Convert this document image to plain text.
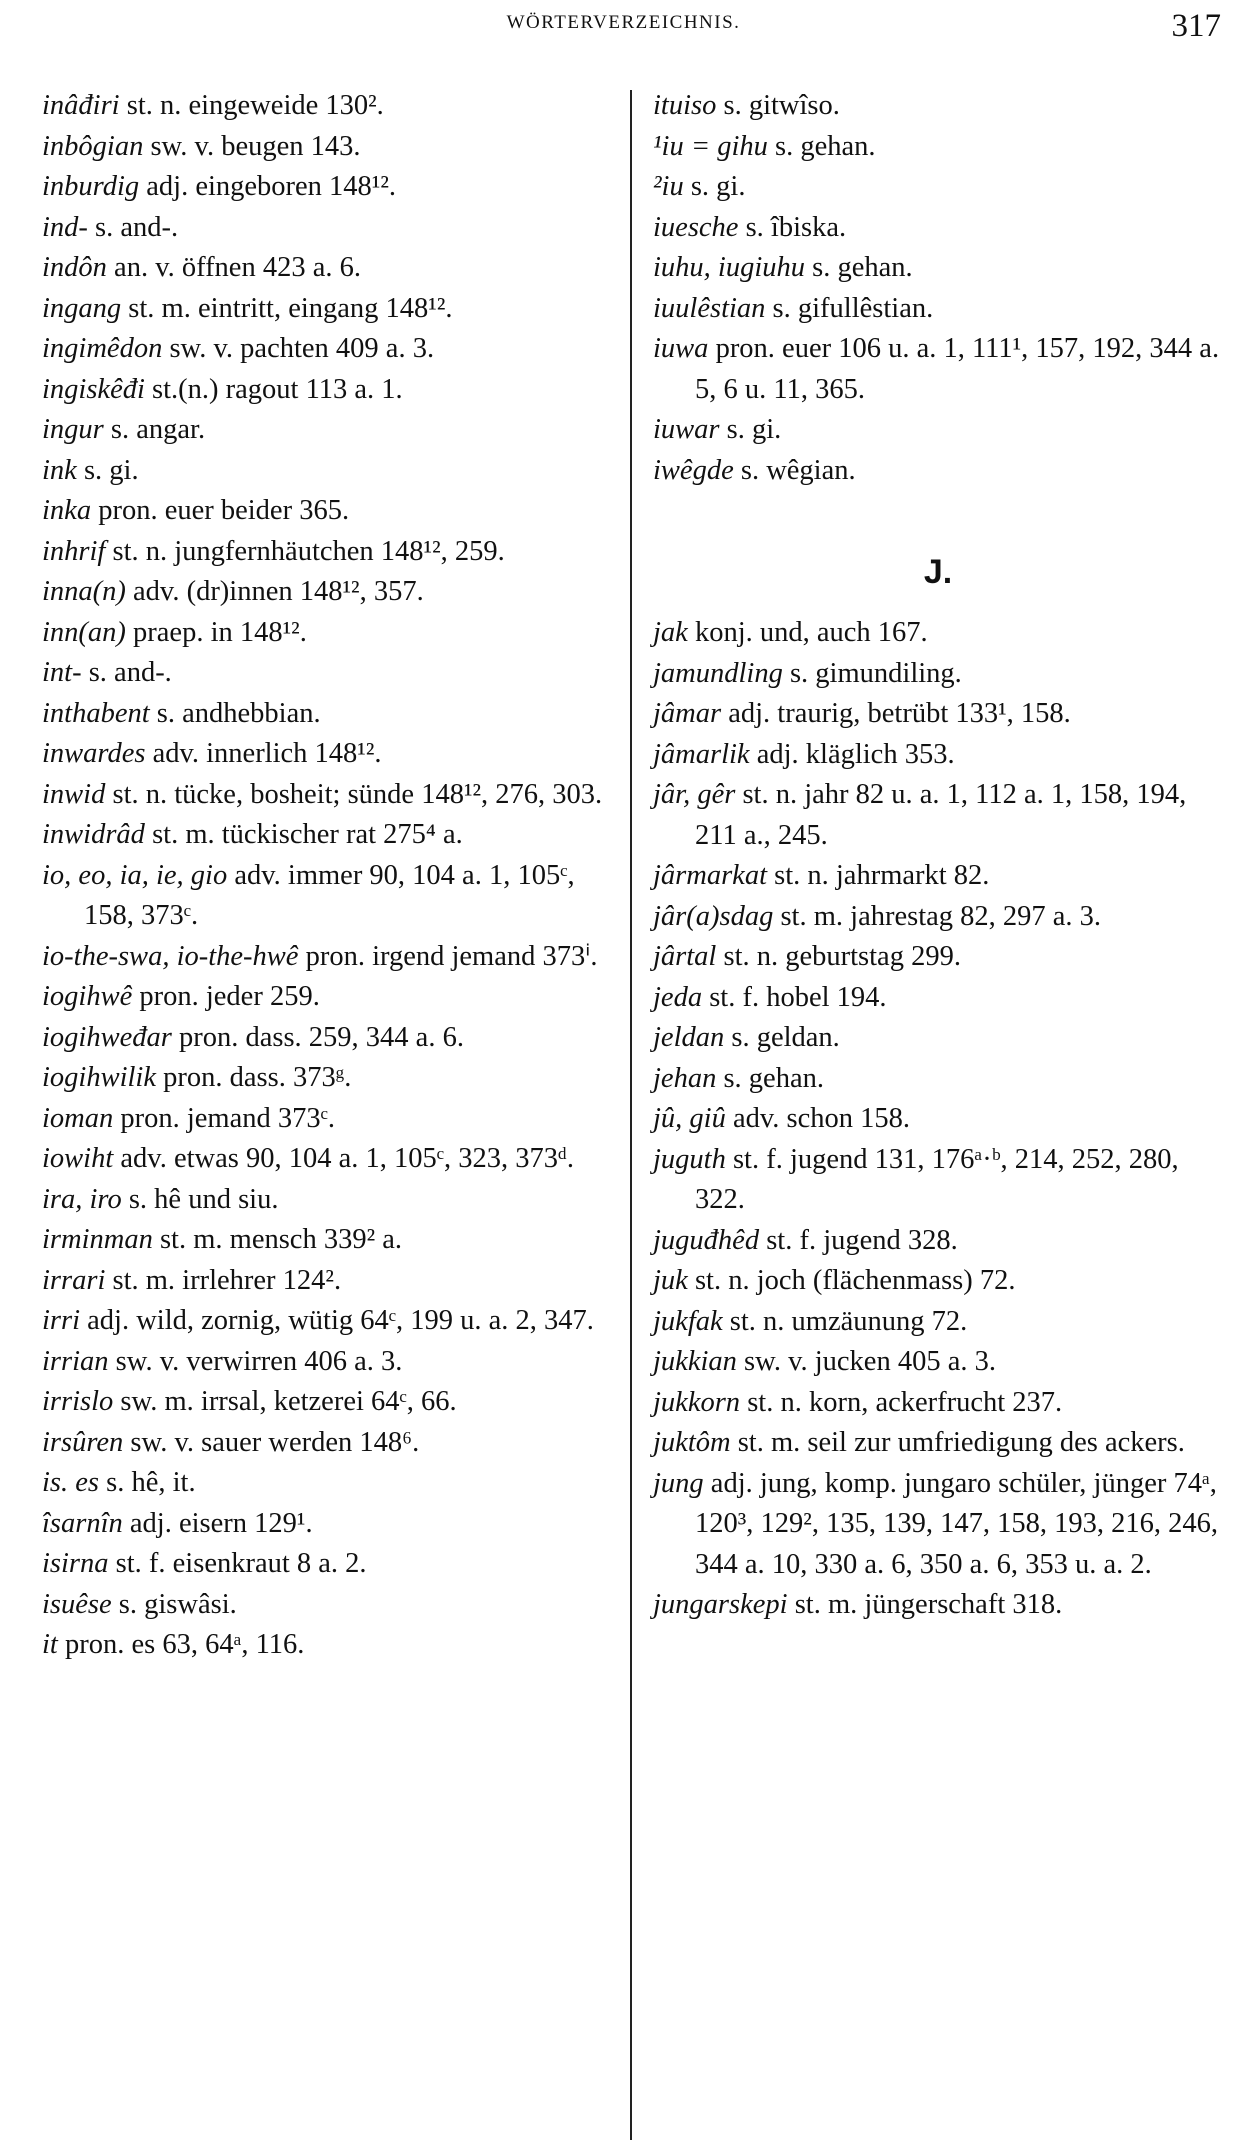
WÖRTERVERZEICHNIS.	317

inâđiri st. n. eingeweide 130².

inbôgian sw. v. beugen 143.

inburdig adj. eingeboren 148¹².

ind- s. and-.

indôn an. v. öffnen 423 a. 6.

ingang st. m. eintritt, eingang 148¹².

ingimêdon sw. v. pachten 409 a. 3.

ingiskêđi st.(n.) ragout 113 a. 1.

ingur s. angar.

ink s. gi.

inka pron. euer beider 365.

inhrif st. n. jungfernhäutchen 148¹², 259.

inna(n) adv. (dr)innen 148¹², 357.

inn(an) praep. in 148¹².

int- s. and-.

inthabent s. andhebbian.

inwardes adv. innerlich 148¹².

inwid st. n. tücke, bosheit; sünde 148¹², 276, 303.

inwidrâd st. m. tückischer rat 275⁴ a.

io, eo, ia, ie, gio adv. immer 90, 104 a. 1, 105ᶜ, 158, 373ᶜ.

io-the-swa, io-the-hwê pron. irgend jemand 373ⁱ.

iogihwê pron. jeder 259.

iogihweđar pron. dass. 259, 344 a. 6.

iogihwilik pron. dass. 373ᵍ.

ioman pron. jemand 373ᶜ.

iowiht adv. etwas 90, 104 a. 1, 105ᶜ, 323, 373ᵈ.

ira, iro s. hê und siu.

irminman st. m. mensch 339² a.

irrari st. m. irrlehrer 124².

irri adj. wild, zornig, wütig 64ᶜ, 199 u. a. 2, 347.

irrian sw. v. verwirren 406 a. 3.

irrislo sw. m. irrsal, ketzerei 64ᶜ, 66.

irsûren sw. v. sauer werden 148⁶.

is. es s. hê, it.

îsarnîn adj. eisern 129¹.

isirna st. f. eisenkraut 8 a. 2.

isuêse s. giswâsi.

it pron. es 63, 64ᵃ, 116.

ituiso s. gitwîso.

¹iu = gihu s. gehan.

²iu s. gi.

iuesche s. îbiska.

iuhu, iugiuhu s. gehan.

iuulêstian s. gifullêstian.

iuwa pron. euer 106 u. a. 1, 111¹, 157, 192, 344 a. 5, 6 u. 11, 365.

iuwar s. gi.

iwêgde s. wêgian.

J.

jak konj. und, auch 167.

jamundling s. gimundiling.

jâmar adj. traurig, betrübt 133¹, 158.

jâmarlik adj. kläglich 353.

jâr, gêr st. n. jahr 82 u. a. 1, 112 a. 1, 158, 194, 211 a., 245.

jârmarkat st. n. jahrmarkt 82.

jâr(a)sdag st. m. jahrestag 82, 297 a. 3.

jârtal st. n. geburtstag 299.

jeda st. f. hobel 194.

jeldan s. geldan.

jehan s. gehan.

jû, giû adv. schon 158.

juguth st. f. jugend 131, 176ᵃ·ᵇ, 214, 252, 280, 322.

juguđhêd st. f. jugend 328.

juk st. n. joch (flächenmass) 72.

jukfak st. n. umzäunung 72.

jukkian sw. v. jucken 405 a. 3.

jukkorn st. n. korn, ackerfrucht 237.

juktôm st. m. seil zur umfriedigung des ackers.

jung adj. jung, komp. jungaro schüler, jünger 74ᵃ, 120³, 129², 135, 139, 147, 158, 193, 216, 246, 344 a. 10, 330 a. 6, 350 a. 6, 353 u. a. 2.

jungarskepi st. m. jüngerschaft 318.
